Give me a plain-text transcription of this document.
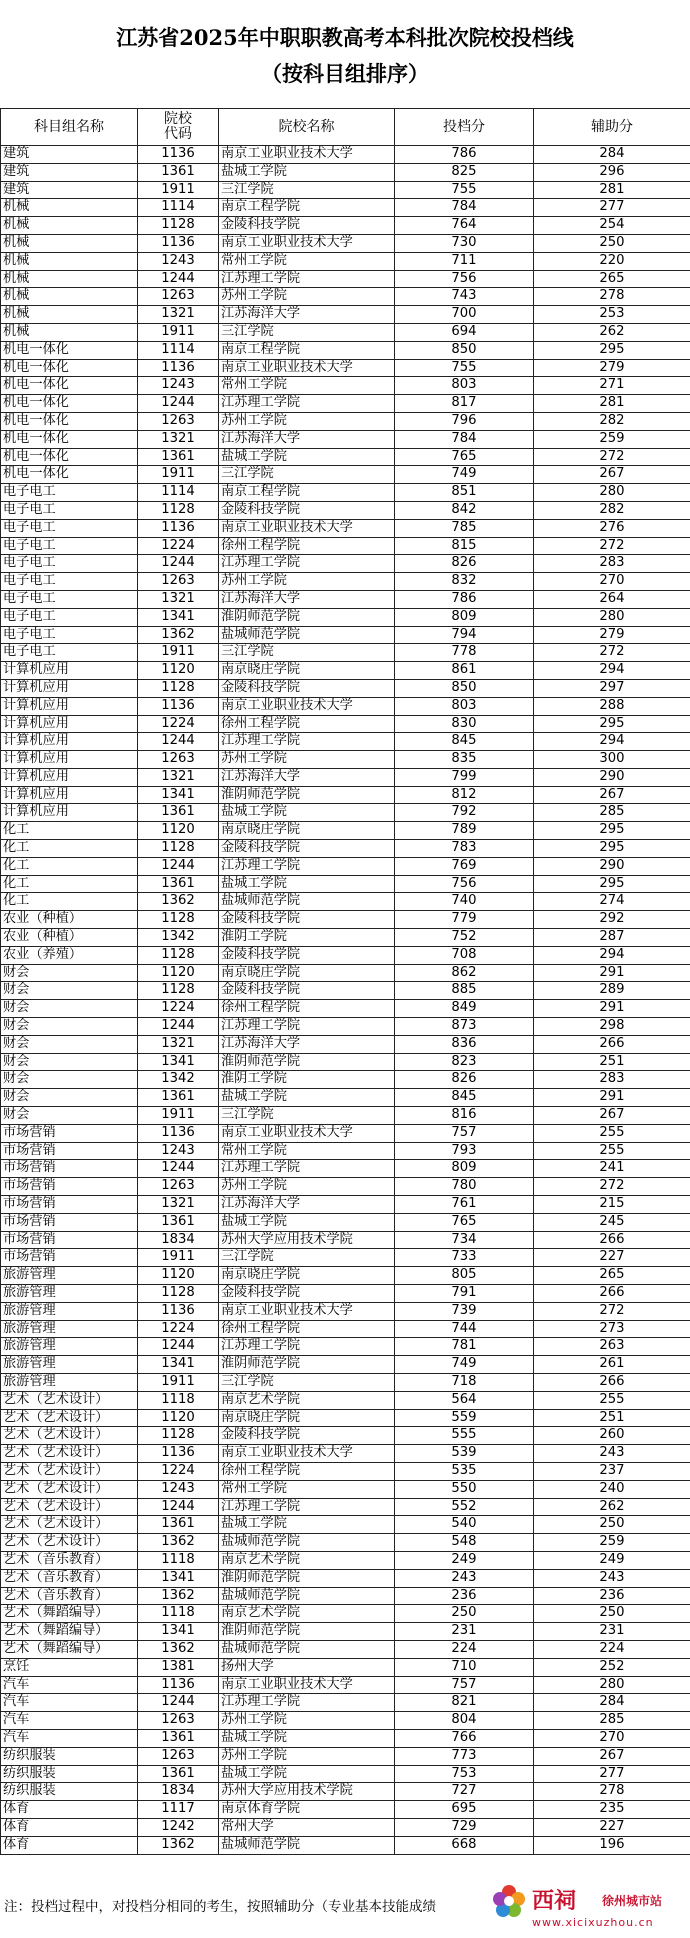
江苏省2025年中职职教高考本科批次院校投档线
（按科目组排序）
科目组名称	院校代码	院校名称	投档分	辅助分
建筑	1136	南京工业职业技术大学	786	284
建筑	1361	盐城工学院	825	296
建筑	1911	三江学院	755	281
机械	1114	南京工程学院	784	277
机械	1128	金陵科技学院	764	254
机械	1136	南京工业职业技术大学	730	250
机械	1243	常州工学院	711	220
机械	1244	江苏理工学院	756	265
机械	1263	苏州工学院	743	278
机械	1321	江苏海洋大学	700	253
机械	1911	三江学院	694	262
机电一体化	1114	南京工程学院	850	295
机电一体化	1136	南京工业职业技术大学	755	279
机电一体化	1243	常州工学院	803	271
机电一体化	1244	江苏理工学院	817	281
机电一体化	1263	苏州工学院	796	282
机电一体化	1321	江苏海洋大学	784	259
机电一体化	1361	盐城工学院	765	272
机电一体化	1911	三江学院	749	267
电子电工	1114	南京工程学院	851	280
电子电工	1128	金陵科技学院	842	282
电子电工	1136	南京工业职业技术大学	785	276
电子电工	1224	徐州工程学院	815	272
电子电工	1244	江苏理工学院	826	283
电子电工	1263	苏州工学院	832	270
电子电工	1321	江苏海洋大学	786	264
电子电工	1341	淮阴师范学院	809	280
电子电工	1362	盐城师范学院	794	279
电子电工	1911	三江学院	778	272
计算机应用	1120	南京晓庄学院	861	294
计算机应用	1128	金陵科技学院	850	297
计算机应用	1136	南京工业职业技术大学	803	288
计算机应用	1224	徐州工程学院	830	295
计算机应用	1244	江苏理工学院	845	294
计算机应用	1263	苏州工学院	835	300
计算机应用	1321	江苏海洋大学	799	290
计算机应用	1341	淮阴师范学院	812	267
计算机应用	1361	盐城工学院	792	285
化工	1120	南京晓庄学院	789	295
化工	1128	金陵科技学院	783	295
化工	1244	江苏理工学院	769	290
化工	1361	盐城工学院	756	295
化工	1362	盐城师范学院	740	274
农业（种植）	1128	金陵科技学院	779	292
农业（种植）	1342	淮阴工学院	752	287
农业（养殖）	1128	金陵科技学院	708	294
财会	1120	南京晓庄学院	862	291
财会	1128	金陵科技学院	885	289
财会	1224	徐州工程学院	849	291
财会	1244	江苏理工学院	873	298
财会	1321	江苏海洋大学	836	266
财会	1341	淮阴师范学院	823	251
财会	1342	淮阴工学院	826	283
财会	1361	盐城工学院	845	291
财会	1911	三江学院	816	267
市场营销	1136	南京工业职业技术大学	757	255
市场营销	1243	常州工学院	793	255
市场营销	1244	江苏理工学院	809	241
市场营销	1263	苏州工学院	780	272
市场营销	1321	江苏海洋大学	761	215
市场营销	1361	盐城工学院	765	245
市场营销	1834	苏州大学应用技术学院	734	266
市场营销	1911	三江学院	733	227
旅游管理	1120	南京晓庄学院	805	265
旅游管理	1128	金陵科技学院	791	266
旅游管理	1136	南京工业职业技术大学	739	272
旅游管理	1224	徐州工程学院	744	273
旅游管理	1244	江苏理工学院	781	263
旅游管理	1341	淮阴师范学院	749	261
旅游管理	1911	三江学院	718	266
艺术（艺术设计）	1118	南京艺术学院	564	255
艺术（艺术设计）	1120	南京晓庄学院	559	251
艺术（艺术设计）	1128	金陵科技学院	555	260
艺术（艺术设计）	1136	南京工业职业技术大学	539	243
艺术（艺术设计）	1224	徐州工程学院	535	237
艺术（艺术设计）	1243	常州工学院	550	240
艺术（艺术设计）	1244	江苏理工学院	552	262
艺术（艺术设计）	1361	盐城工学院	540	250
艺术（艺术设计）	1362	盐城师范学院	548	259
艺术（音乐教育）	1118	南京艺术学院	249	249
艺术（音乐教育）	1341	淮阴师范学院	243	243
艺术（音乐教育）	1362	盐城师范学院	236	236
艺术（舞蹈编导）	1118	南京艺术学院	250	250
艺术（舞蹈编导）	1341	淮阴师范学院	231	231
艺术（舞蹈编导）	1362	盐城师范学院	224	224
烹饪	1381	扬州大学	710	252
汽车	1136	南京工业职业技术大学	757	280
汽车	1244	江苏理工学院	821	284
汽车	1263	苏州工学院	804	285
汽车	1361	盐城工学院	766	270
纺织服装	1263	苏州工学院	773	267
纺织服装	1361	盐城工学院	753	277
纺织服装	1834	苏州大学应用技术学院	727	278
体育	1117	南京体育学院	695	235
体育	1242	常州大学	729	227
体育	1362	盐城师范学院	668	196
注：投档过程中，对投档分相同的考生，按照辅助分（专业基本技能成绩	西祠 徐州城市站
www.xicixuzhou.cn
